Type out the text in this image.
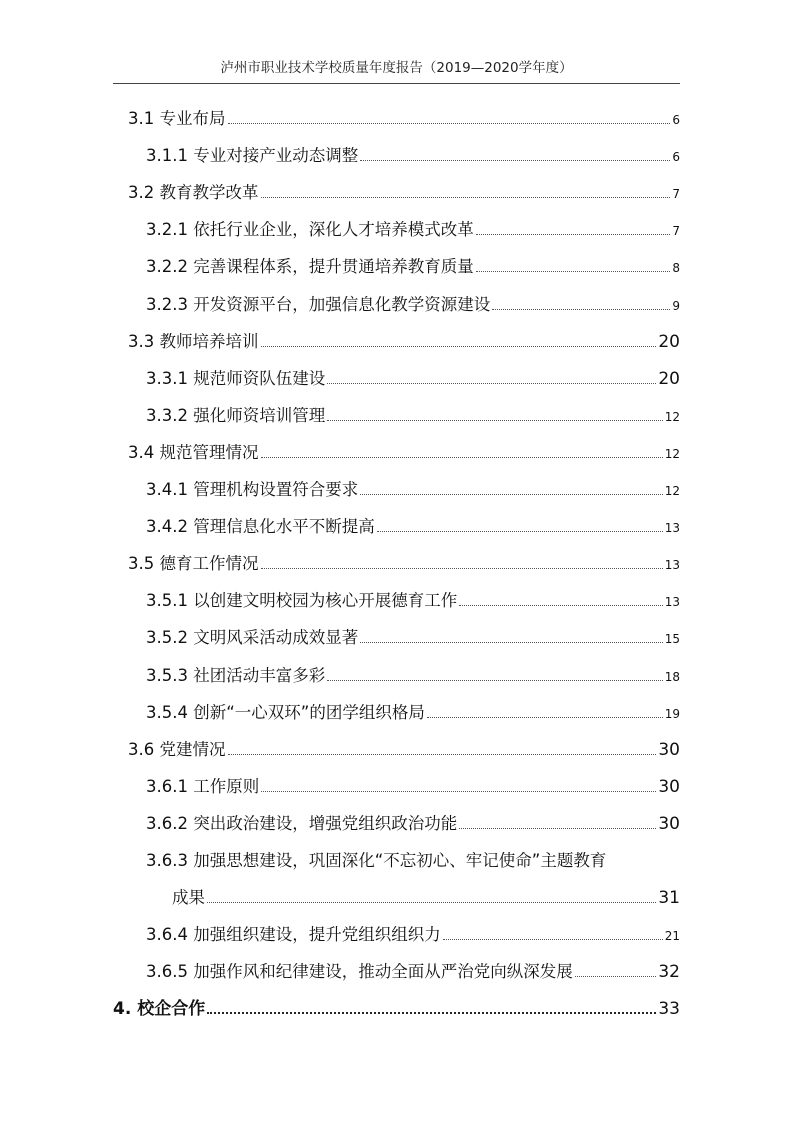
泸州市职业技术学校质量年度报告（2019—2020学年度）
3.1 专业布局	6
3.1.1 专业对接产业动态调整	6
3.2 教育教学改革	7
3.2.1 依托行业企业，深化人才培养模式改革	7
3.2.2 完善课程体系，提升贯通培养教育质量	8
3.2.3 开发资源平台，加强信息化教学资源建设	9
3.3 教师培养培训	20
3.3.1 规范师资队伍建设	20
3.3.2 强化师资培训管理	12
3.4 规范管理情况	12
3.4.1 管理机构设置符合要求	12
3.4.2 管理信息化水平不断提高	13
3.5 德育工作情况	13
3.5.1 以创建文明校园为核心开展德育工作	13
3.5.2 文明风采活动成效显著	15
3.5.3 社团活动丰富多彩	18
3.5.4 创新“一心双环”的团学组织格局	19
3.6 党建情况	30
3.6.1 工作原则	30
3.6.2 突出政治建设，增强党组织政治功能	30
3.6.3 加强思想建设，巩固深化“不忘初心、牢记使命”主题教育
成果	31
3.6.4 加强组织建设，提升党组织组织力	21
3.6.5 加强作风和纪律建设，推动全面从严治党向纵深发展	32
4. 校企合作	33
